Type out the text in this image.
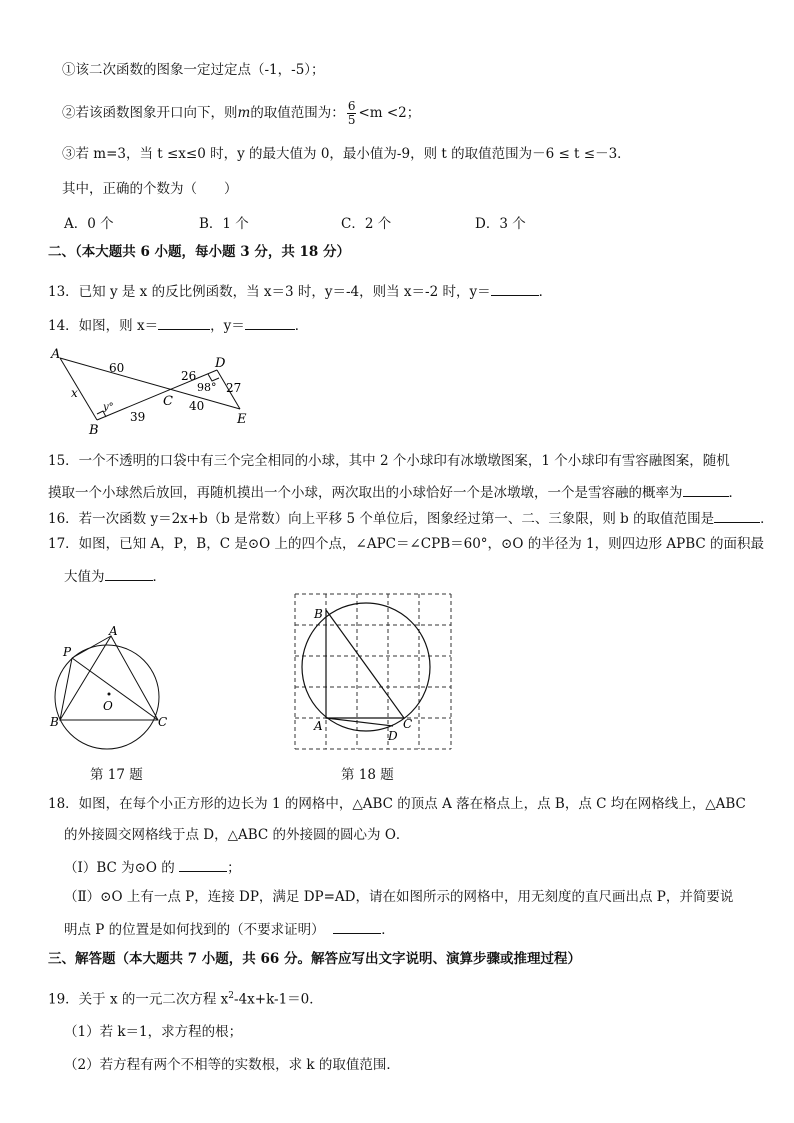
①该二次函数的图象一定过定点（-1，-5）；
②若该函数图象开口向下，则m的取值范围为： $\frac{6}{5} <m <2$；
③若 m=3，当 t ≤x≤0 时，y 的最大值为 0，最小值为-9，则 t 的取值范围为－6 ≤ t ≤－3．
其中，正确的个数为（　　）
A．0 个	B．1 个	C．2 个	D．3 个
二、（本大题共 6 小题，每小题 3 分，共 18 分）
13．已知 y 是 x 的反比例函数，当 x＝3 时，y＝-4，则当 x＝-2 时，y＝	．
14．如图，则 x＝	，y＝	．
A
B
C
D
E
60
26
27
39
40
x
y°
98°
15．一个不透明的口袋中有三个完全相同的小球，其中 2 个小球印有冰墩墩图案，1 个小球印有雪容融图案，随机
摸取一个小球然后放回，再随机摸出一个小球，两次取出的小球恰好一个是冰墩墩，一个是雪容融的概率为	．
16．若一次函数 y＝2x+b（b 是常数）向上平移 5 个单位后，图象经过第一、二、三象限，则 b 的取值范围是	．
17．如图，已知 A，P，B，C 是⊙O 上的四个点，∠APC＝∠CPB＝60°，⊙O 的半径为 1，则四边形 APBC 的面积最
大值为	．
A
P
B	C
O
第 17 题
B
A	C
D
第 18 题
18．如图，在每个小正方形的边长为 1 的网格中，△ABC 的顶点 A 落在格点上，点 B，点 C 均在网格线上，△ABC
的外接圆交网格线于点 D，△ABC 的外接圆的圆心为 O．
（Ⅰ）BC 为⊙O 的	；
（Ⅱ）⊙O 上有一点 P，连接 DP，满足 DP=AD，请在如图所示的网格中，用无刻度的直尺画出点 P，并简要说
明点 P 的位置是如何找到的（不要求证明）	．
三、解答题（本大题共 7 小题，共 66 分。解答应写出文字说明、演算步骤或推理过程）
19．关于 x 的一元二次方程 $x^2-4x+k-1=0$．
（1）若 k＝1，求方程的根；
（2）若方程有两个不相等的实数根，求 k 的取值范围．
